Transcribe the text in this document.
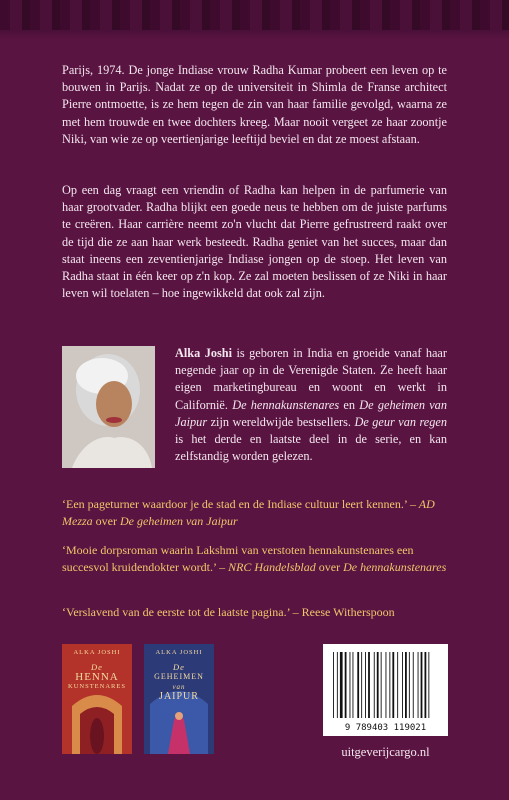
Parijs, 1974. De jonge Indiase vrouw Radha Kumar probeert een leven op te bouwen in Parijs. Nadat ze op de universiteit in Shimla de Franse architect Pierre ontmoette, is ze hem tegen de zin van haar familie gevolgd, waarna ze met hem trouwde en twee dochters kreeg. Maar nooit vergeet ze haar zoontje Niki, van wie ze op veertienjarige leeftijd beviel en dat ze moest afstaan.

Op een dag vraagt een vriendin of Radha kan helpen in de parfumerie van haar grootvader. Radha blijkt een goede neus te hebben om de juiste parfums te creëren. Haar carrière neemt zo'n vlucht dat Pierre gefrustreerd raakt over de tijd die ze aan haar werk besteedt. Radha geniet van het succes, maar dan staat ineens een zeventienjarige Indiase jongen op de stoep. Het leven van Radha staat in één keer op z'n kop. Ze zal moeten beslissen of ze Niki in haar leven wil toelaten – hoe ingewikkeld dat ook zal zijn.

Alka Joshi is geboren in India en groeide vanaf haar negende jaar op in de Verenigde Staten. Ze heeft haar eigen marketingbureau en woont en werkt in Californië. De hennakunstenares en De geheimen van Jaipur zijn wereldwijde bestsellers. De geur van regen is het derde en laatste deel in de serie, en kan zelfstandig worden gelezen.
‘Een pageturner waardoor je de stad en de Indiase cultuur leert kennen.’ – AD Mezza over De geheimen van Jaipur
‘Mooie dorpsroman waarin Lakshmi van verstoten hennakunstenares een succesvol kruidendokter wordt.’ – NRC Handelsblad over De hennakunstenares
‘Verslavend van de eerste tot de laatste pagina.’ – Reese Witherspoon
ALKA JOSHI
De
HENNA
KUNSTENARES
ALKA JOSHI
De
GEHEIMEN
van
JAIPUR
9 789403 119021
uitgeverijcargo.nl
